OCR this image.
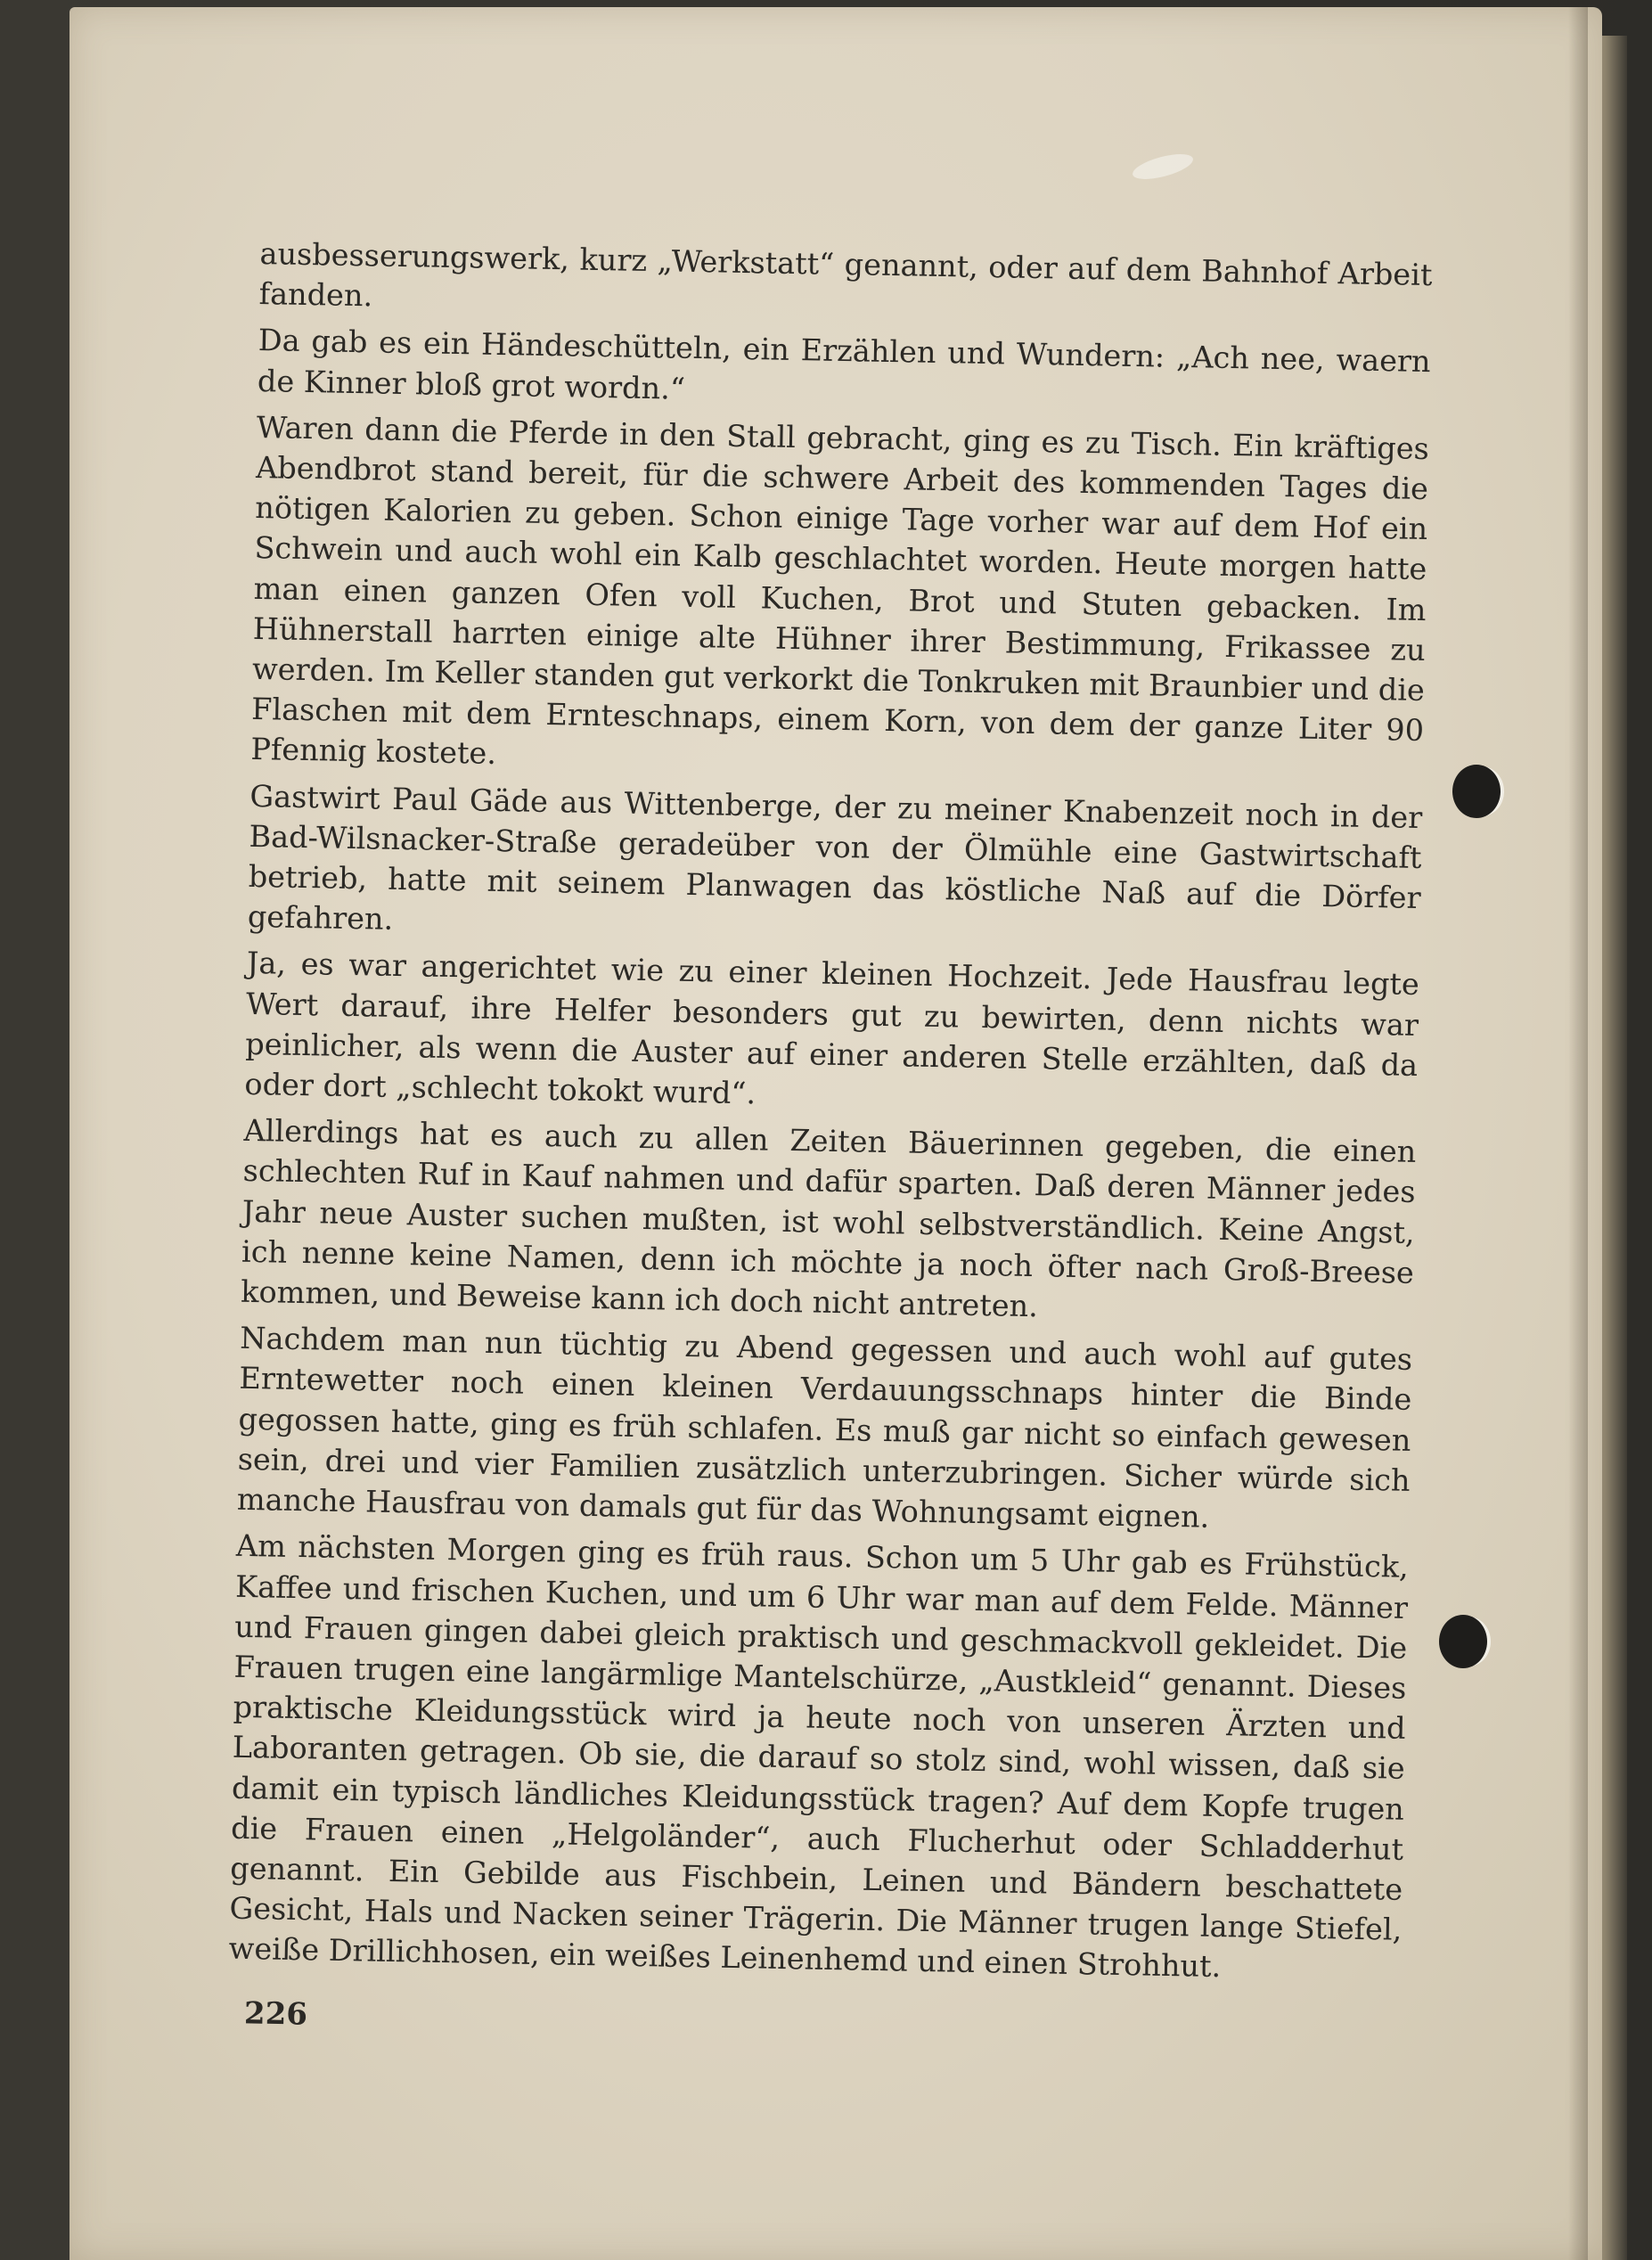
ausbesserungswerk, kurz „Werkstatt“ genannt, oder auf dem Bahnhof Arbeit fanden.

Da gab es ein Händeschütteln, ein Erzählen und Wundern: „Ach nee, waern de Kinner bloß grot wordn.“

Waren dann die Pferde in den Stall gebracht, ging es zu Tisch. Ein kräftiges Abendbrot stand bereit, für die schwere Arbeit des kommenden Tages die nötigen Kalorien zu geben. Schon einige Tage vorher war auf dem Hof ein Schwein und auch wohl ein Kalb geschlachtet worden. Heute morgen hatte man einen ganzen Ofen voll Kuchen, Brot und Stuten gebacken. Im Hühnerstall harrten einige alte Hühner ihrer Bestimmung, Frikassee zu werden. Im Keller standen gut verkorkt die Tonkruken mit Braunbier und die Flaschen mit dem Ernteschnaps, einem Korn, von dem der ganze Liter 90 Pfennig kostete.

Gastwirt Paul Gäde aus Wittenberge, der zu meiner Knabenzeit noch in der Bad-Wilsnacker-Straße geradeüber von der Ölmühle eine Gastwirtschaft betrieb, hatte mit seinem Planwagen das köstliche Naß auf die Dörfer gefahren.

Ja, es war angerichtet wie zu einer kleinen Hochzeit. Jede Hausfrau legte Wert darauf, ihre Helfer besonders gut zu bewirten, denn nichts war peinlicher, als wenn die Auster auf einer anderen Stelle erzählten, daß da oder dort „schlecht tokokt wurd“.

Allerdings hat es auch zu allen Zeiten Bäuerinnen gegeben, die einen schlechten Ruf in Kauf nahmen und dafür sparten. Daß deren Männer jedes Jahr neue Auster suchen mußten, ist wohl selbstverständlich. Keine Angst, ich nenne keine Namen, denn ich möchte ja noch öfter nach Groß-Breese kommen, und Beweise kann ich doch nicht antreten.

Nachdem man nun tüchtig zu Abend gegessen und auch wohl auf gutes Erntewetter noch einen kleinen Verdauungsschnaps hinter die Binde gegossen hatte, ging es früh schlafen. Es muß gar nicht so einfach gewesen sein, drei und vier Familien zusätzlich unterzubringen. Sicher würde sich manche Hausfrau von damals gut für das Wohnungsamt eignen.

Am nächsten Morgen ging es früh raus. Schon um 5 Uhr gab es Frühstück, Kaffee und frischen Kuchen, und um 6 Uhr war man auf dem Felde. Männer und Frauen gingen dabei gleich praktisch und geschmackvoll gekleidet. Die Frauen trugen eine langärmlige Mantelschürze, „Austkleid“ genannt. Dieses praktische Kleidungsstück wird ja heute noch von unseren Ärzten und Laboranten getragen. Ob sie, die darauf so stolz sind, wohl wissen, daß sie damit ein typisch ländliches Kleidungsstück tragen? Auf dem Kopfe trugen die Frauen einen „Helgoländer“, auch Flucherhut oder Schladderhut genannt. Ein Gebilde aus Fischbein, Leinen und Bändern beschattete Gesicht, Hals und Nacken seiner Trägerin. Die Männer trugen lange Stiefel, weiße Drillichhosen, ein weißes Leinenhemd und einen Strohhut.

226
